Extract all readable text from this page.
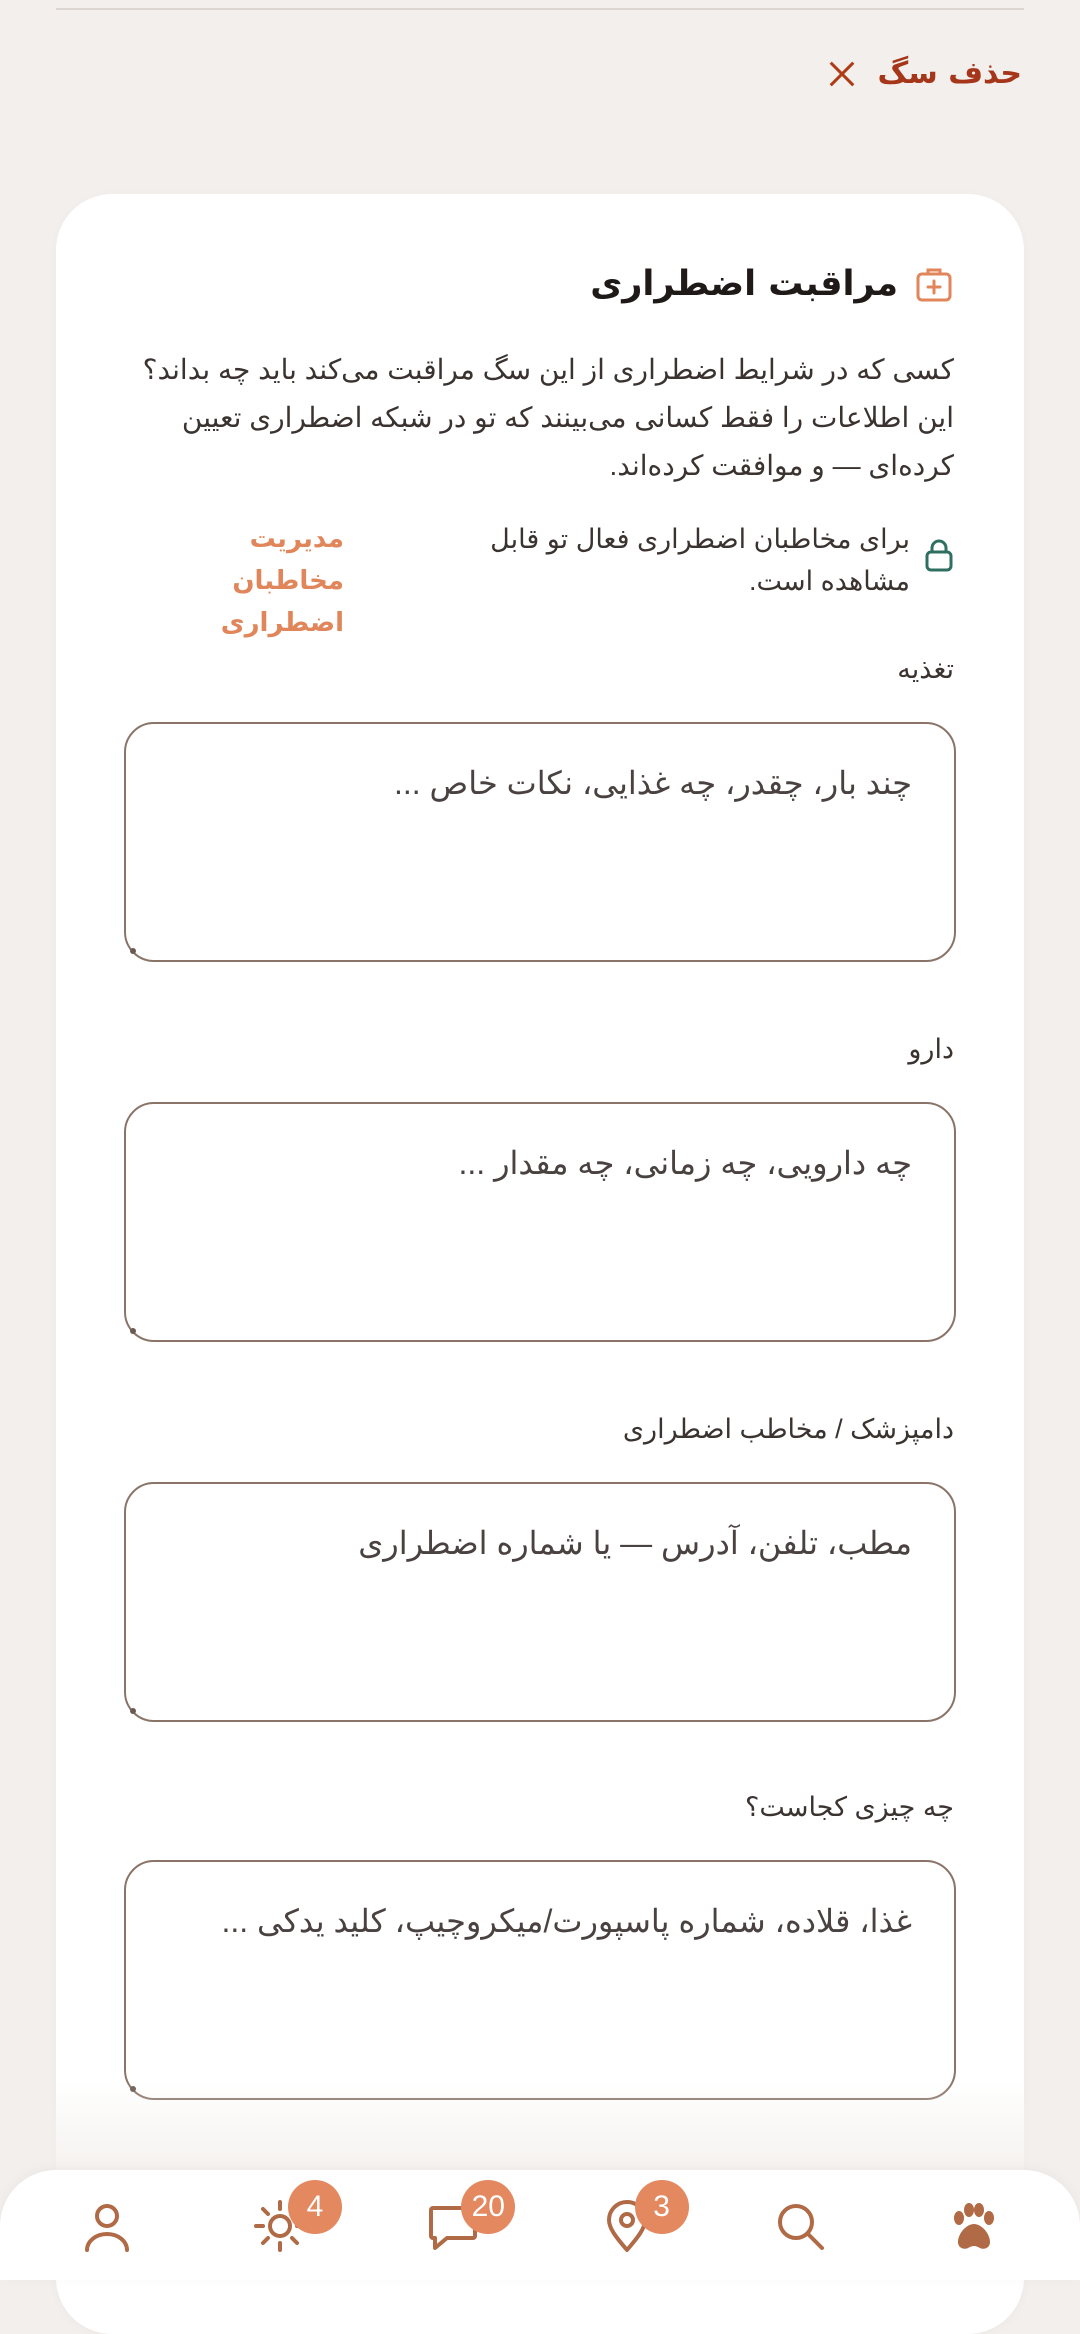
حذف سگ
مراقبت اضطراری
کسی که در شرایط اضطراری از این سگ مراقبت می‌کند باید چه بداند؟ این اطلاعات را فقط کسانی می‌بینند که تو در شبکه اضطراری تعیین کرده‌ای — و موافقت کرده‌اند.
برای مخاطبان اضطراری فعال تو قابل مشاهده است.
مدیریت مخاطبان اضطراری
تغذیه
چند بار، چقدر، چه غذایی، نکات خاص ...
دارو
چه دارویی، چه زمانی، چه مقدار ...
دامپزشک / مخاطب اضطراری
مطب، تلفن، آدرس — یا شماره اضطراری
چه چیزی کجاست؟
غذا، قلاده، شماره پاسپورت/میکروچیپ، کلید یدکی ...
4	20	3
